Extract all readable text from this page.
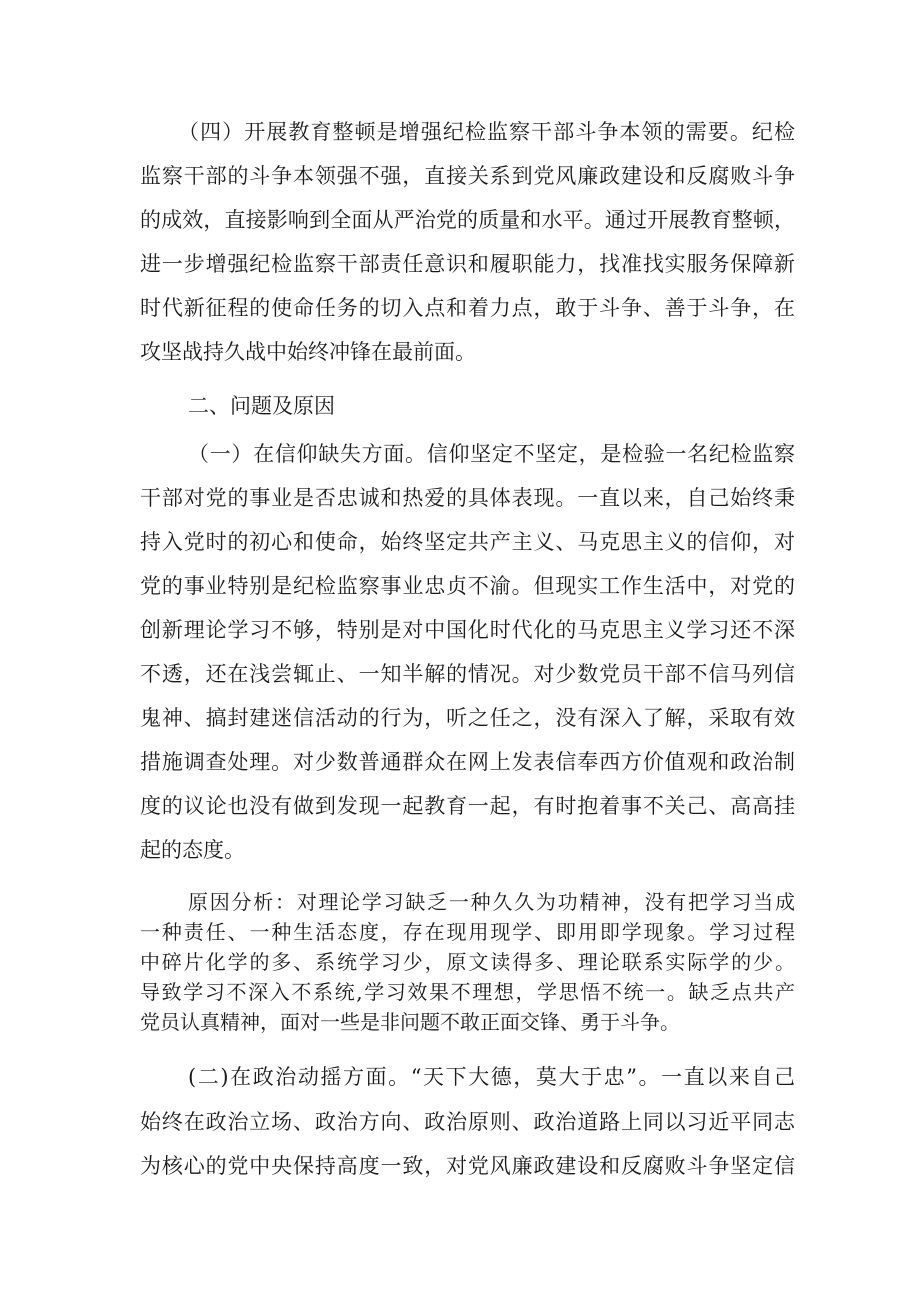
（四）开展教育整顿是增强纪检监察干部斗争本领的需要。纪检
监察干部的斗争本领强不强，直接关系到党风廉政建设和反腐败斗争
的成效，直接影响到全面从严治党的质量和水平。通过开展教育整顿，
进一步增强纪检监察干部责任意识和履职能力，找准找实服务保障新
时代新征程的使命任务的切入点和着力点，敢于斗争、善于斗争，在
攻坚战持久战中始终冲锋在最前面。
二、问题及原因
（一）在信仰缺失方面。信仰坚定不坚定，是检验一名纪检监察
干部对党的事业是否忠诚和热爱的具体表现。一直以来，自己始终秉
持入党时的初心和使命，始终坚定共产主义、马克思主义的信仰，对
党的事业特别是纪检监察事业忠贞不渝。但现实工作生活中，对党的
创新理论学习不够，特别是对中国化时代化的马克思主义学习还不深
不透，还在浅尝辄止、一知半解的情况。对少数党员干部不信马列信
鬼神、搞封建迷信活动的行为，听之任之，没有深入了解，采取有效
措施调查处理。对少数普通群众在网上发表信奉西方价值观和政治制
度的议论也没有做到发现一起教育一起，有时抱着事不关己、高高挂
起的态度。
原因分析：对理论学习缺乏一种久久为功精神，没有把学习当成
一种责任、一种生活态度，存在现用现学、即用即学现象。学习过程
中碎片化学的多、系统学习少，原文读得多、理论联系实际学的少。
导致学习不深入不系统,学习效果不理想，学思悟不统一。缺乏点共产
党员认真精神，面对一些是非问题不敢正面交锋、勇于斗争。
(二)在政治动摇方面。“天下大德，莫大于忠”。一直以来自己
始终在政治立场、政治方向、政治原则、政治道路上同以习近平同志
为核心的党中央保持高度一致，对党风廉政建设和反腐败斗争坚定信
